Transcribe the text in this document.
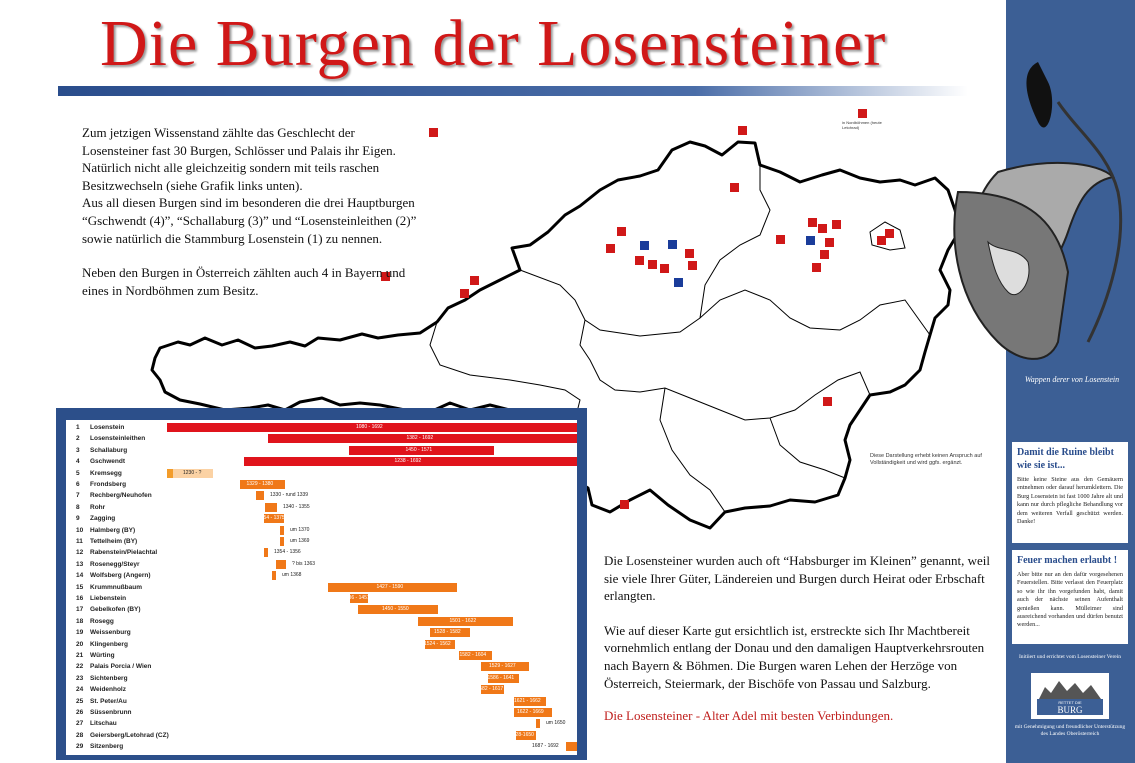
Die Burgen der Losensteiner
in Nordböhmen (heute Letohrad)
Diese Darstellung erhebt keinen Anspruch auf Vollständigkeit und wird ggfs. ergänzt.

Zum jetzigen Wissenstand zählte das Geschlecht der Losensteiner fast 30 Burgen, Schlösser und Palais ihr Eigen. Natürlich nicht alle gleichzeitig sondern mit teils raschen Besitzwechseln (siehe Grafik links unten).

Aus all diesen Burgen sind im besonderen die drei Hauptburgen “Gschwendt (4)”, “Schallaburg (3)” und “Losensteinleithen (2)” sowie natürlich die Stammburg Losenstein (1) zu nennen.

Neben den Burgen in Österreich zählten auch 4 in Bayern und eines in Nordböhmen zum Besitz.

Wappen derer von Losenstein
Damit die Ruine bleibt wie sie ist...

Bitte keine Steine aus den Gemäuern entnehmen oder darauf herumklettern. Die Burg Losenstein ist fast 1000 Jahre alt und kann nur durch pflegliche Behandlung vor dem weiteren Verfall geschützt werden. Danke!

Feuer machen erlaubt !

Aber bitte nur an den dafür vorgesehenen Feuerstellen. Bitte verlasst den Feuerplatz so wie ihr ihn vorgefunden habt, damit auch der nächste seinen Aufenthalt genießen kann. Mülleimer sind ausreichend vorhanden und dürfen benutzt werden...

Initiiert und errichtet vom Losensteiner Verein
RETTET DIE
BURG
mit Genehmigung und freundlicher Unterstützung des Landes Oberösterreich
1	Losenstein	1080 - 1692
2	Losensteinleithen	1382 - 1692
3	Schallaburg	1450 - 1571
4	Gschwendt	1238 - 1692
5	Kremsegg	1230 - ?
6	Frondsberg	1329 - 1380
7	Rechberg/Neuhofen	1330 - rund 1339
8	Rohr	1340 - 1355
9	Zagging	1354 - 1375
10	Halmberg (BY)	um 1370
11	Tettelheim (BY)	um 1369
12	Rabenstein/Pielachtal	1354 - 1356
13	Rosenegg/Steyr	? bis 1363
14	Wolfsberg (Angern)	um 1368
15	Krummnußbaum	1427 - 1590
16	Liebenstein	1436 - 1457
17	Gebelkofen (BY)	1450 - 1550
18	Rosegg	1501 - 1622
19	Weissenburg	1528 - 1582
20	Klingenberg	1524 - 1562
21	Würting	1582 - 1604
22	Palais Porcia / Wien	1529 - 1627
23	Sichtenberg	1586 - 1641
24	Weidenholz	1582 - 1617
25	St. Peter/Au	1621 - 1662
26	Süssenbrunn	1622 - 1669
27	Litschau	um 1650
28	Geiersberg/Letohrad (CZ)	1628-1650
29	Sitzenberg	1687 - 1692

Die Losensteiner wurden auch oft “Habsburger im Kleinen” genannt, weil sie viele Ihrer Güter, Ländereien und Burgen durch Heirat oder Erbschaft erlangten.

Wie auf dieser Karte gut ersichtlich ist, erstreckte sich Ihr Machtbereit vornehmlich entlang der Donau und den damaligen Hauptverkehrsrouten nach Bayern & Böhmen. Die Burgen waren Lehen der Herzöge von Österreich, Steiermark, der Bischöfe von Passau und Salzburg.

Die Losensteiner - Alter Adel mit besten Verbindungen.
